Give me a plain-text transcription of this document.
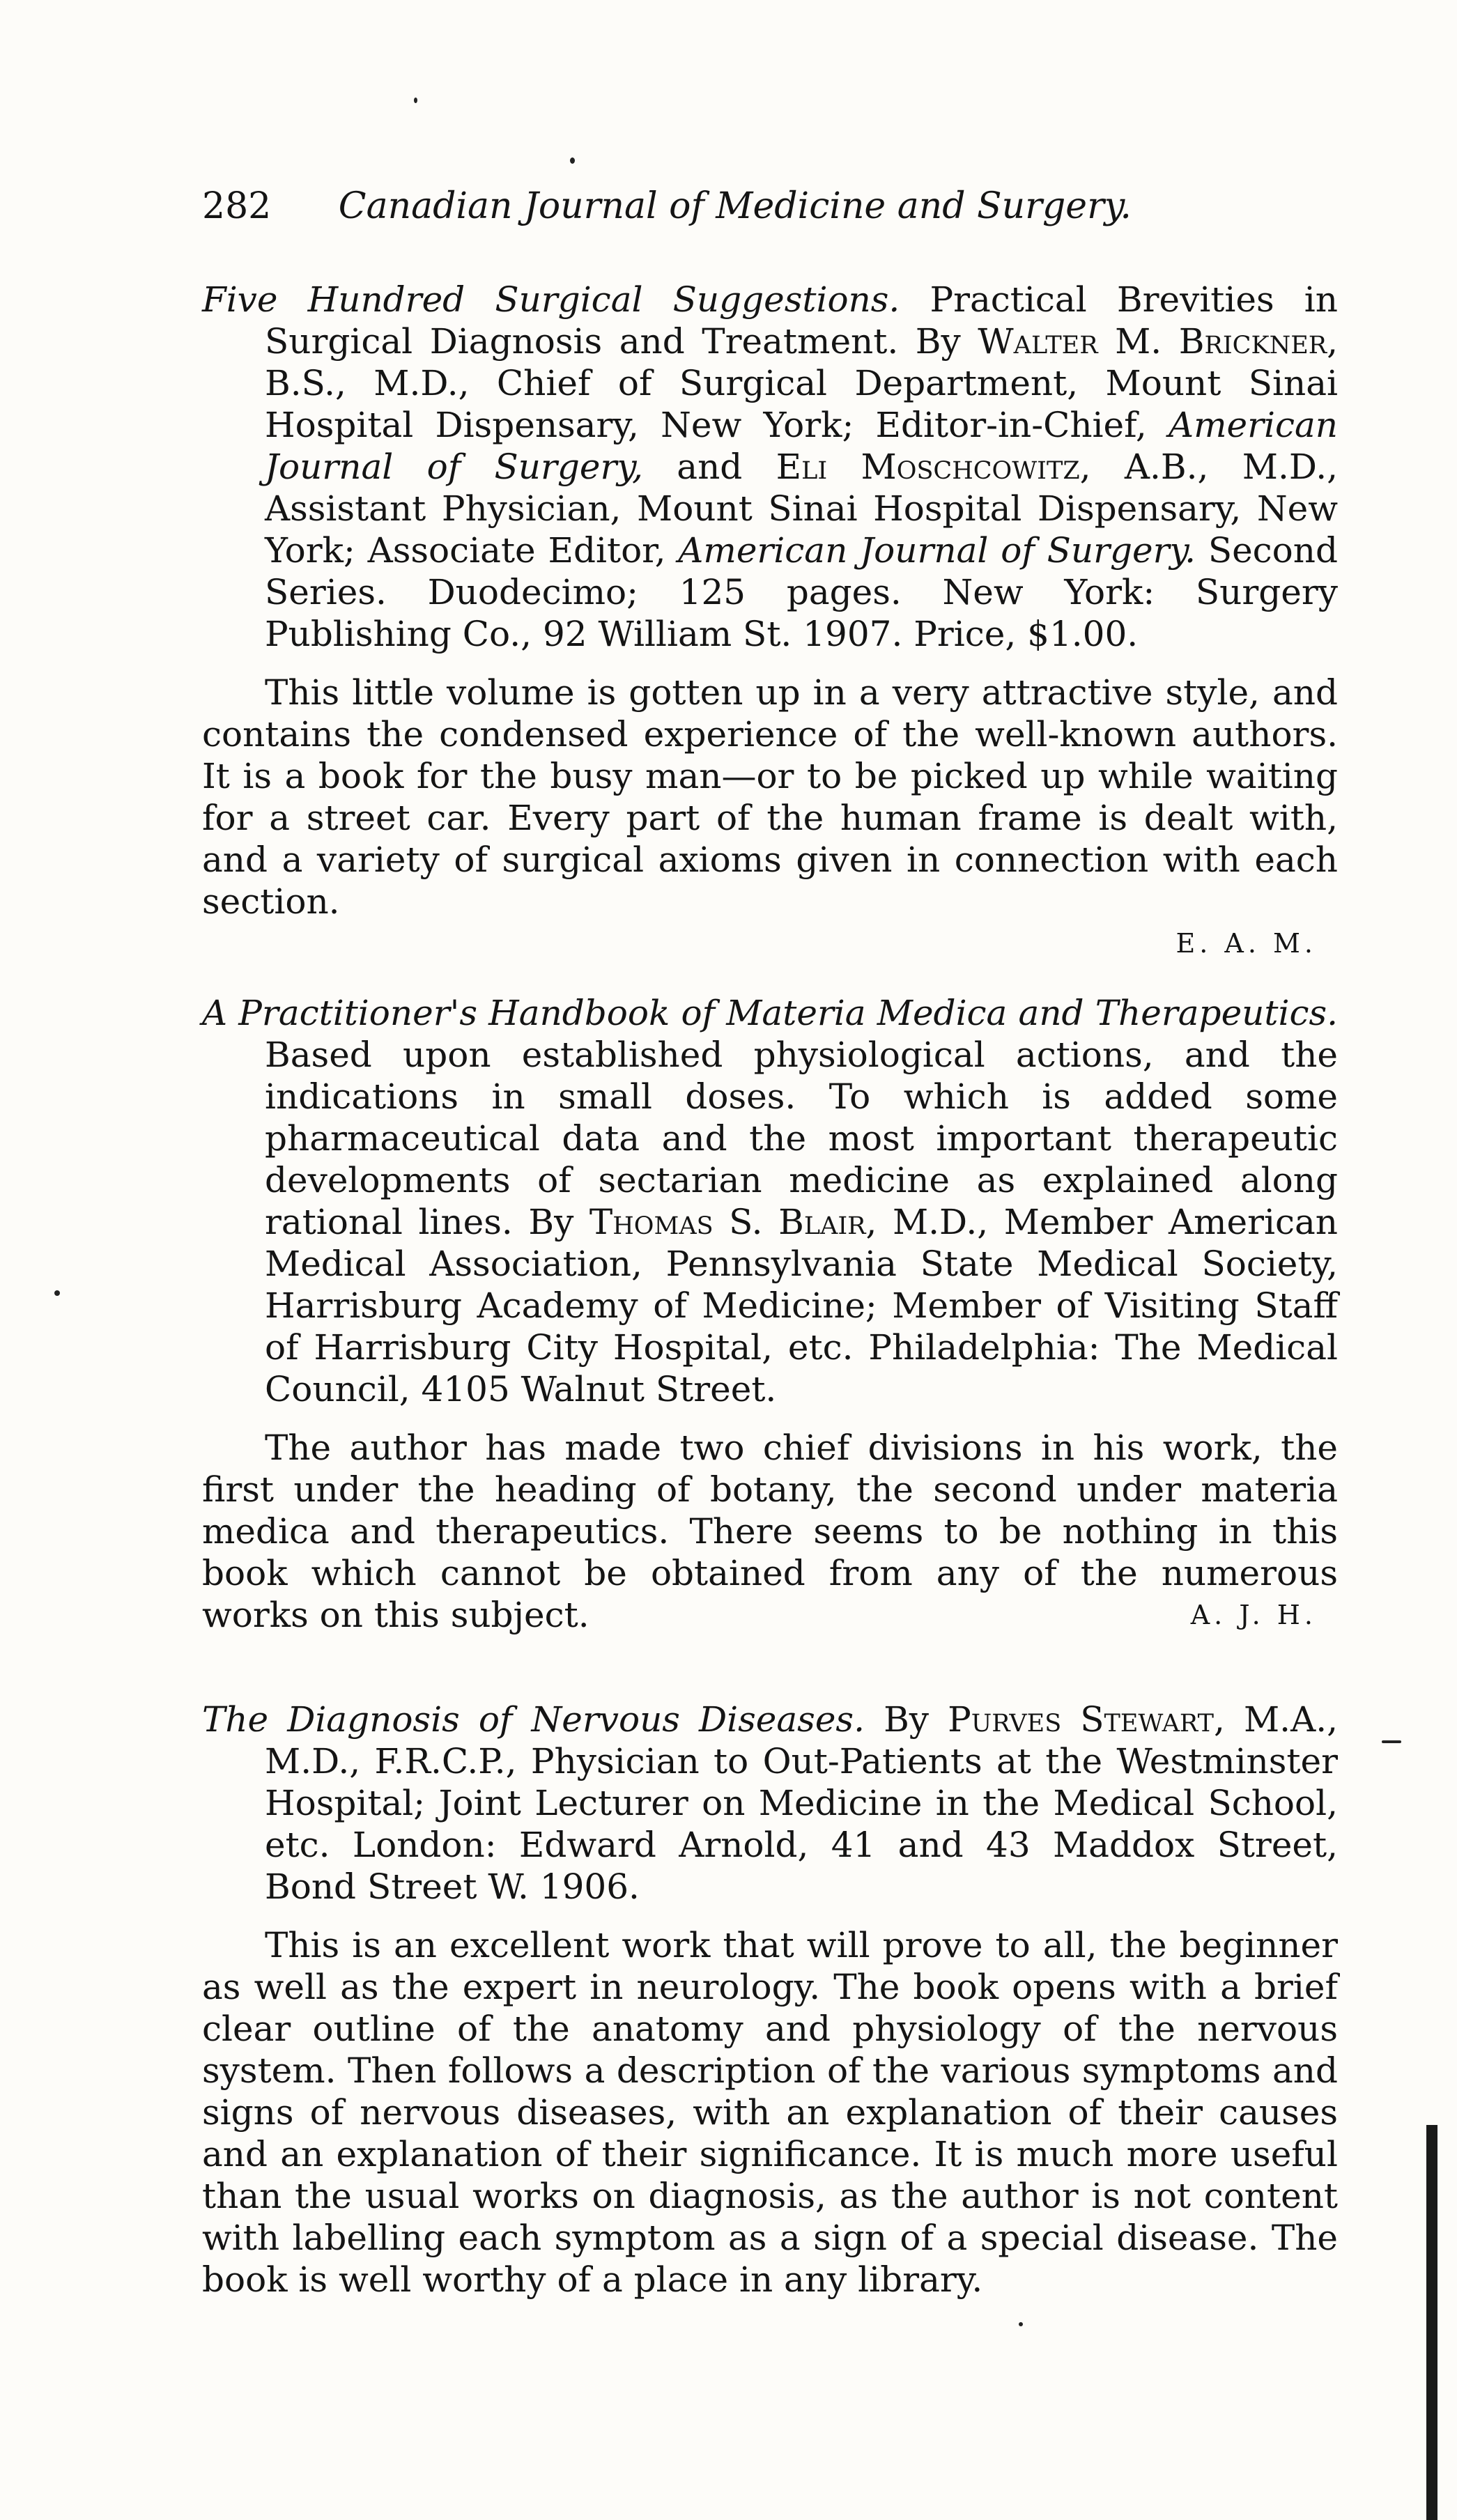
282 Canadian Journal of Medicine and Surgery.

Five Hundred Surgical Suggestions. Practical Brevities in Surgical Diagnosis and Treatment. By Walter M. Brickner, B.S., M.D., Chief of Surgical Department, Mount Sinai Hospital Dispensary, New York; Editor-in-Chief, American Journal of Surgery, and Eli Moschcowitz, A.B., M.D., Assistant Physician, Mount Sinai Hospital Dispensary, New York; Associate Editor, American Journal of Surgery. Second Series. Duodecimo; 125 pages. New York: Surgery Publishing Co., 92 William St. 1907. Price, $1.00.

This little volume is gotten up in a very attractive style, and contains the condensed experience of the well-known authors. It is a book for the busy man—or to be picked up while waiting for a street car. Every part of the human frame is dealt with, and a variety of surgical axioms given in connection with each section.

E. A. M.

A Practitioner's Handbook of Materia Medica and Therapeutics. Based upon established physiological actions, and the indications in small doses. To which is added some pharmaceutical data and the most important therapeutic developments of sectarian medicine as explained along rational lines. By Thomas S. Blair, M.D., Member American Medical Association, Pennsylvania State Medical Society, Harrisburg Academy of Medicine; Member of Visiting Staff of Harrisburg City Hospital, etc. Philadelphia: The Medical Council, 4105 Walnut Street.

The author has made two chief divisions in his work, the first under the heading of botany, the second under materia medica and therapeutics. There seems to be nothing in this book which cannot be obtained from any of the numerous works on this subject.	A. J. H.

The Diagnosis of Nervous Diseases. By Purves Stewart, M.A., M.D., F.R.C.P., Physician to Out-Patients at the Westminster Hospital; Joint Lecturer on Medicine in the Medical School, etc. London: Edward Arnold, 41 and 43 Maddox Street, Bond Street W. 1906.

This is an excellent work that will prove to all, the beginner as well as the expert in neurology. The book opens with a brief clear outline of the anatomy and physiology of the nervous system. Then follows a description of the various symptoms and signs of nervous diseases, with an explanation of their causes and an explanation of their significance. It is much more useful than the usual works on diagnosis, as the author is not content with labelling each symptom as a sign of a special disease. The book is well worthy of a place in any library.
